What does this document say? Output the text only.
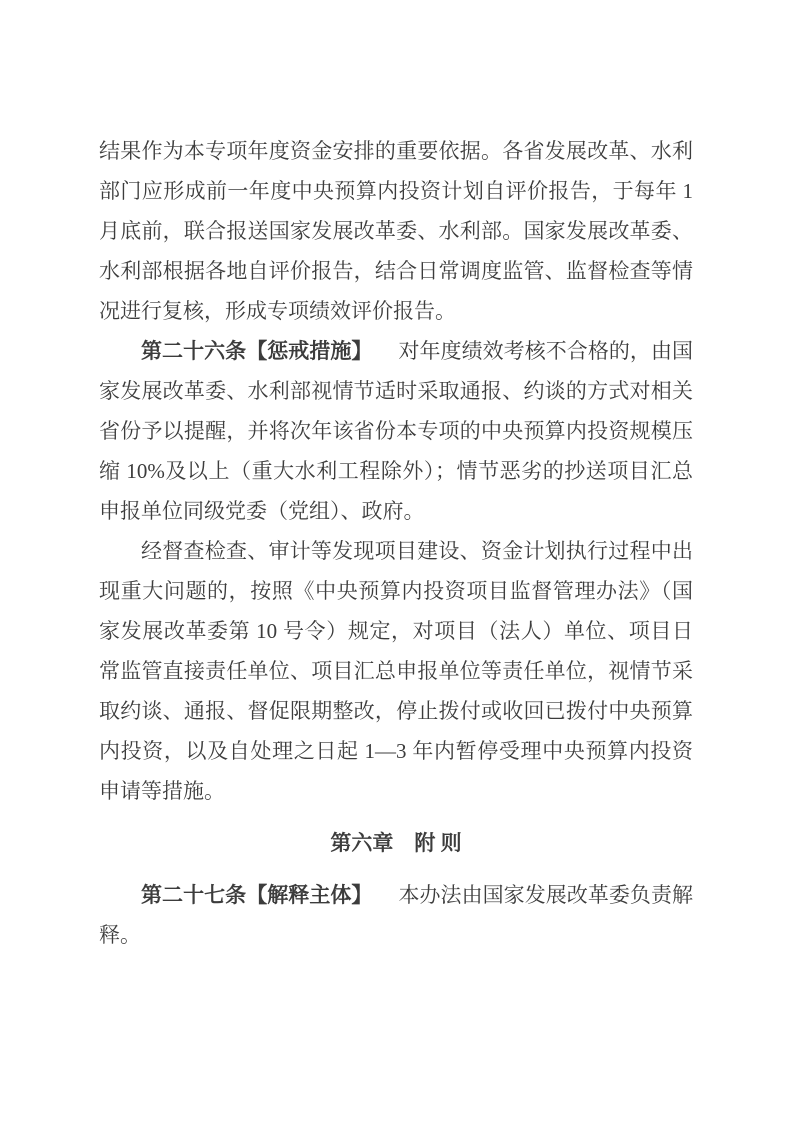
结果作为本专项年度资金安排的重要依据。各省发展改革、水利部门应形成前一年度中央预算内投资计划自评价报告，于每年 1 月底前，联合报送国家发展改革委、水利部。国家发展改革委、水利部根据各地自评价报告，结合日常调度监管、监督检查等情况进行复核，形成专项绩效评价报告。

第二十六条【惩戒措施】 对年度绩效考核不合格的，由国家发展改革委、水利部视情节适时采取通报、约谈的方式对相关省份予以提醒，并将次年该省份本专项的中央预算内投资规模压缩 10%及以上（重大水利工程除外）；情节恶劣的抄送项目汇总申报单位同级党委（党组）、政府。

经督查检查、审计等发现项目建设、资金计划执行过程中出现重大问题的，按照《中央预算内投资项目监督管理办法》（国家发展改革委第 10 号令）规定，对项目（法人）单位、项目日常监管直接责任单位、项目汇总申报单位等责任单位，视情节采取约谈、通报、督促限期整改，停止拨付或收回已拨付中央预算内投资，以及自处理之日起 1—3 年内暂停受理中央预算内投资申请等措施。

第六章　附 则

第二十七条【解释主体】 本办法由国家发展改革委负责解释。
